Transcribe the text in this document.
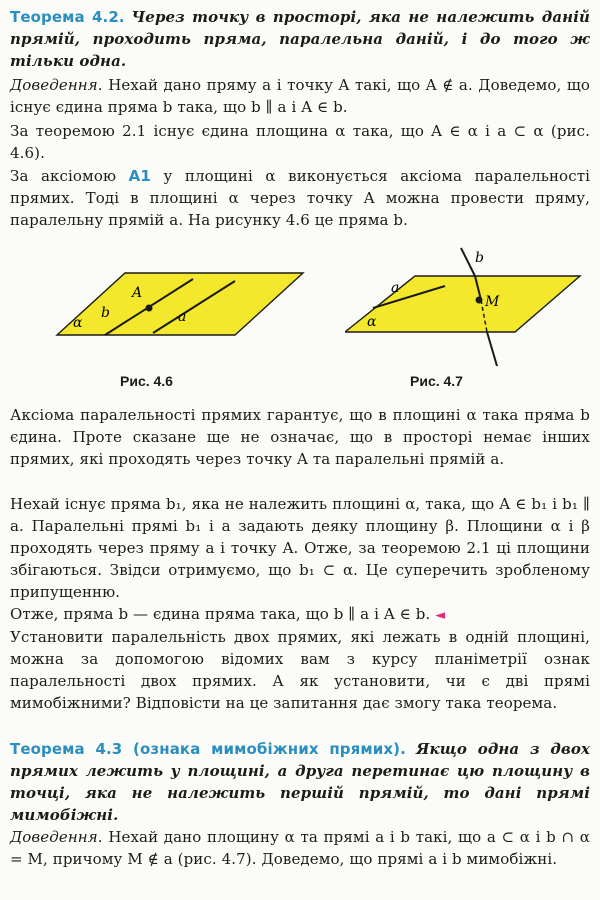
Теорема 4.2. Через точку в просторі, яка не належить даній прямій, проходить пряма, паралельна даній, і до того ж тільки одна.

Доведення. Нехай дано пряму a і точку A такі, що A ∉ a. Доведемо, що існує єдина пряма b така, що b ∥ a і A ∈ b.

За теоремою 2.1 існує єдина площина α така, що A ∈ α і a ⊂ α (рис. 4.6).

За аксіомою A1 у площині α виконується аксіома паралельності прямих. Тоді в площині α через точку A можна провести пряму, паралельну прямій a. На рисунку 4.6 це пряма b.

A
b	a
α
Рис. 4.6
b
a
M
α
Рис. 4.7

Аксіома паралельності прямих гарантує, що в площині α така пряма b єдина. Проте сказане ще не означає, що в просторі немає інших прямих, які проходять через точку A та паралельні прямій a.

Нехай існує пряма b₁, яка не належить площині α, така, що A ∈ b₁ і b₁ ∥ a. Паралельні прямі b₁ і a задають деяку площину β. Площини α і β проходять через пряму a і точку A. Отже, за теоремою 2.1 ці площини збігаються. Звідси отримуємо, що b₁ ⊂ α. Це суперечить зробленому припущенню.

Отже, пряма b — єдина пряма така, що b ∥ a і A ∈ b. ◄

Установити паралельність двох прямих, які лежать в одній площині, можна за допомогою відомих вам з курсу планіметрії ознак паралельності двох прямих. А як установити, чи є дві прямі мимобіжними? Відповісти на це запитання дає змогу така теорема.

Теорема 4.3 (ознака мимобіжних прямих). Якщо одна з двох прямих лежить у площині, а друга перетинає цю площину в точці, яка не належить першій прямій, то дані прямі мимобіжні.

Доведення. Нехай дано площину α та прямі a і b такі, що a ⊂ α і b ∩ α = M, причому M ∉ a (рис. 4.7). Доведемо, що прямі a і b мимобіжні.
